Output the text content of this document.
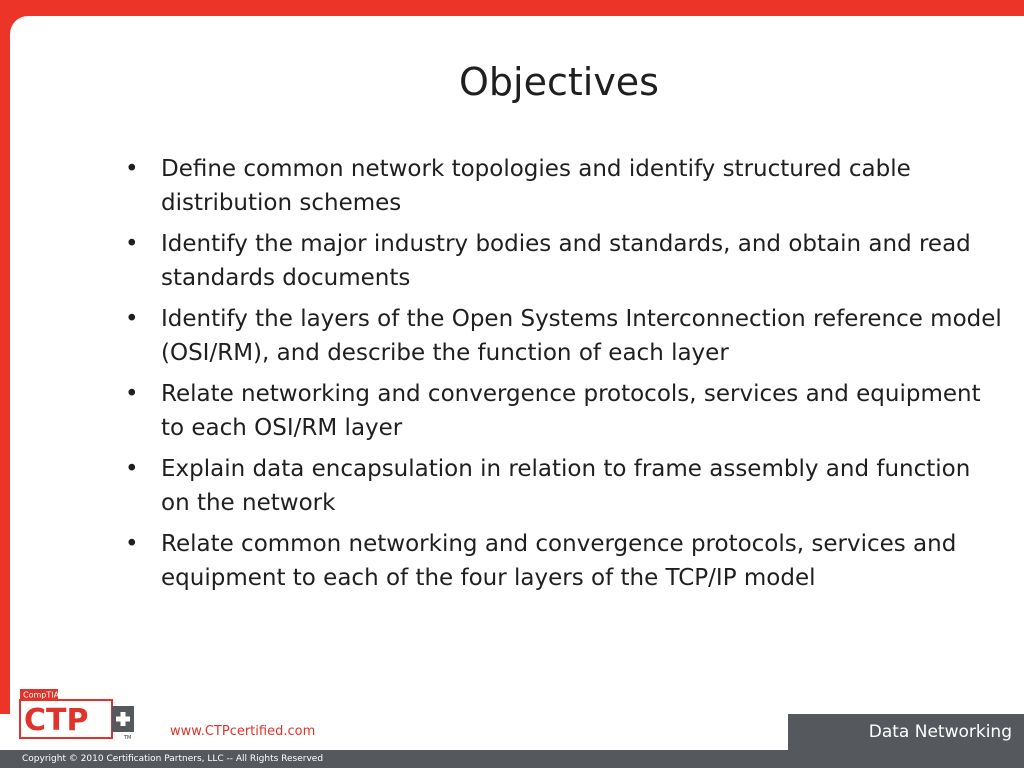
Objectives
• Define common network topologies and identify structured cable distribution schemes
• Identify the major industry bodies and standards, and obtain and read standards documents
• Identify the layers of the Open Systems Interconnection reference model (OSI/RM), and describe the function of each layer
• Relate networking and convergence protocols, services and equipment to each OSI/RM layer
• Explain data encapsulation in relation to frame assembly and function on the network
• Relate common networking and convergence protocols, services and equipment to each of the four layers of the TCP/IP model
CompTIA
CTP	TM	www.CTPcertified.com	Data Networking

Copyright © 2010 Certification Partners, LLC -- All Rights Reserved
